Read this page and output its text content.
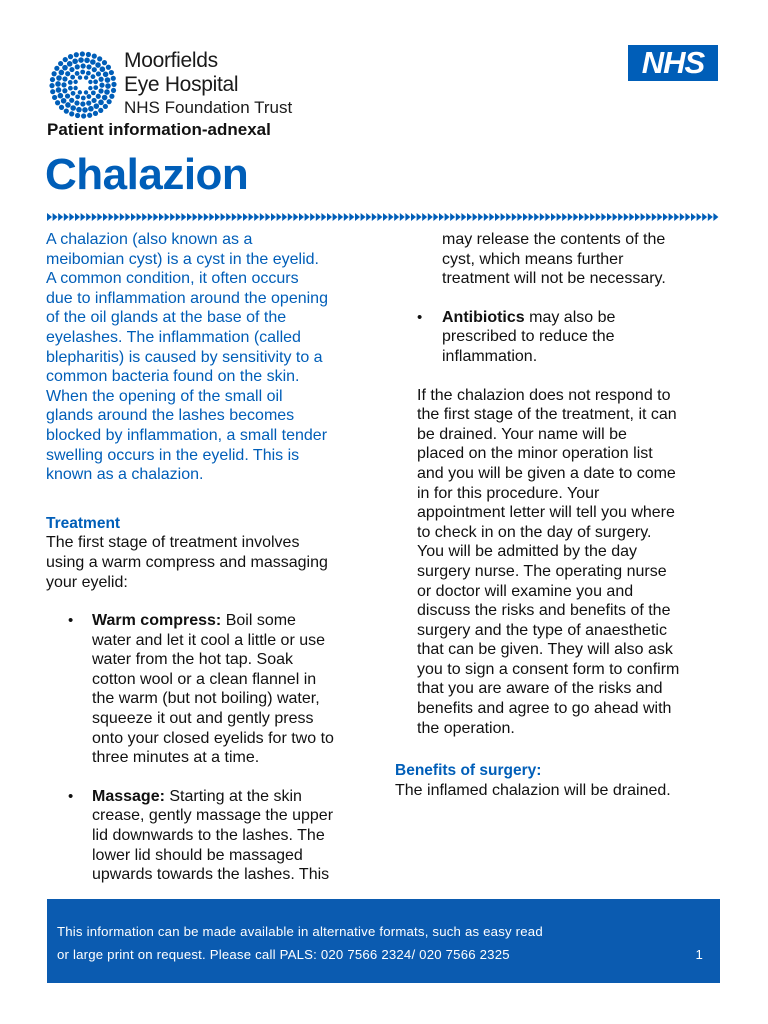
Moorfields
Eye Hospital
NHS Foundation Trust
NHS
Patient information-adnexal
Chalazion

A chalazion (also known as a

meibomian cyst) is a cyst in the eyelid.

A common condition, it often occurs

due to inflammation around the opening

of the oil glands at the base of the

eyelashes. The inflammation (called

blepharitis) is caused by sensitivity to a

common bacteria found on the skin.

When the opening of the small oil

glands around the lashes becomes

blocked by inflammation, a small tender

swelling occurs in the eyelid. This is

known as a chalazion.

Treatment

The first stage of treatment involves

using a warm compress and massaging

your eyelid:

• Warm compress: Boil some

water and let it cool a little or use

water from the hot tap. Soak

cotton wool or a clean flannel in

the warm (but not boiling) water,

squeeze it out and gently press

onto your closed eyelids for two to

three minutes at a time.

• Massage: Starting at the skin

crease, gently massage the upper

lid downwards to the lashes. The

lower lid should be massaged

upwards towards the lashes. This

may release the contents of the

cyst, which means further

treatment will not be necessary.

• Antibiotics may also be

prescribed to reduce the

inflammation.

If the chalazion does not respond to

the first stage of the treatment, it can

be drained. Your name will be

placed on the minor operation list

and you will be given a date to come

in for this procedure. Your

appointment letter will tell you where

to check in on the day of surgery.

You will be admitted by the day

surgery nurse. The operating nurse

or doctor will examine you and

discuss the risks and benefits of the

surgery and the type of anaesthetic

that can be given. They will also ask

you to sign a consent form to confirm

that you are aware of the risks and

benefits and agree to go ahead with

the operation.

Benefits of surgery:

The inflamed chalazion will be drained.

This information can be made available in alternative formats, such as easy read
or large print on request. Please call PALS: 020 7566 2324/ 020 7566 2325	1
